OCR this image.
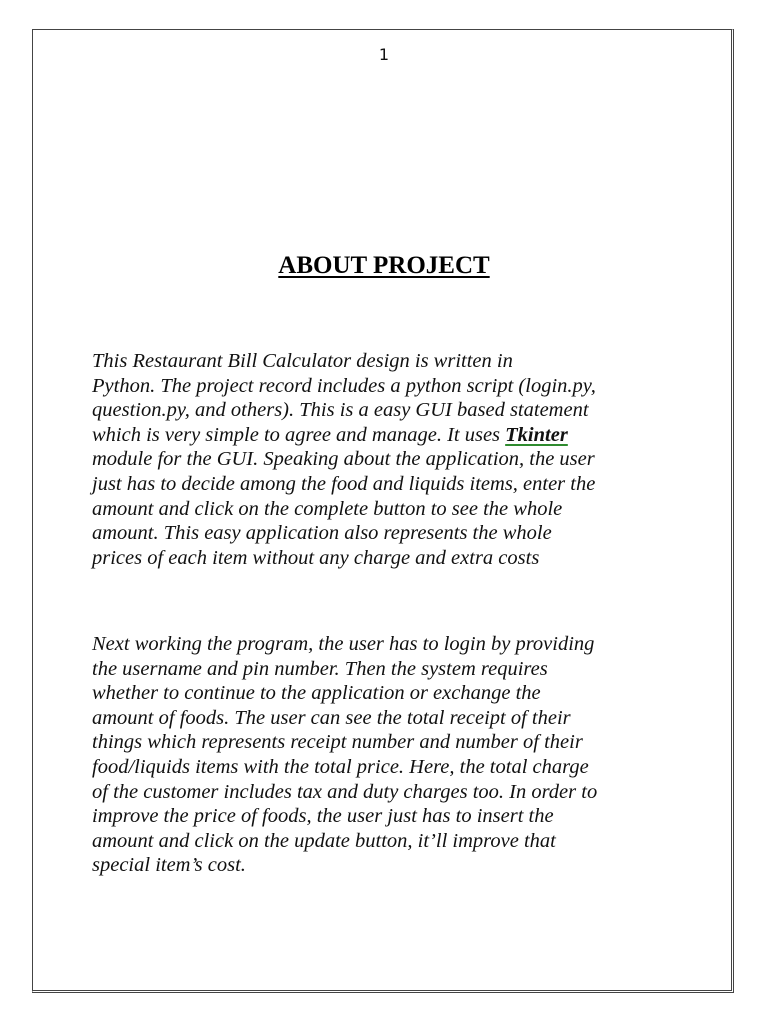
1
ABOUT PROJECT
This Restaurant Bill Calculator design is written in
Python. The project record includes a python script (login.py,
question.py, and others). This is a easy GUI based statement
which is very simple to agree and manage. It uses Tkinter
module for the GUI. Speaking about the application, the user
just has to decide among the food and liquids items, enter the
amount and click on the complete button to see the whole
amount. This easy application also represents the whole
prices of each item without any charge and extra costs
Next working the program, the user has to login by providing
the username and pin number. Then the system requires
whether to continue to the application or exchange the
amount of foods. The user can see the total receipt of their
things which represents receipt number and number of their
food/liquids items with the total price. Here, the total charge
of the customer includes tax and duty charges too. In order to
improve the price of foods, the user just has to insert the
amount and click on the update button, it’ll improve that
special item’s cost.
